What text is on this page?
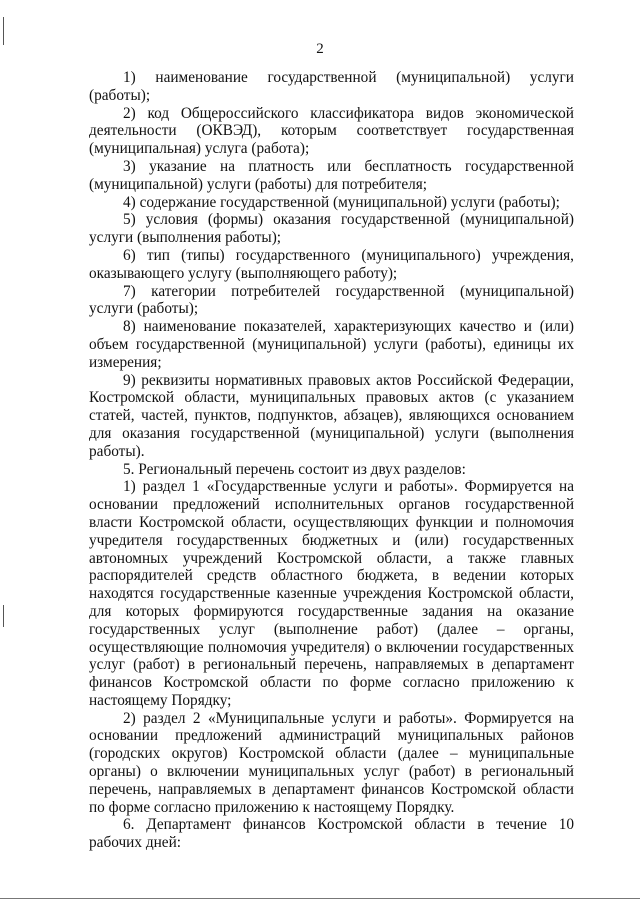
2

1) наименование государственной (муниципальной) услуги (работы);

2) код Общероссийского классификатора видов экономической деятельности (ОКВЭД), которым соответствует государственная (муниципальная) услуга (работа);

3) указание на платность или бесплатность государственной (муниципальной) услуги (работы) для потребителя;

4) содержание государственной (муниципальной) услуги (работы);

5) условия (формы) оказания государственной (муниципальной) услуги (выполнения работы);

6) тип (типы) государственного (муниципального) учреждения, оказывающего услугу (выполняющего работу);

7) категории потребителей государственной (муниципальной) услуги (работы);

8) наименование показателей, характеризующих качество и (или) объем государственной (муниципальной) услуги (работы), единицы их измерения;

9) реквизиты нормативных правовых актов Российской Федерации, Костромской области, муниципальных правовых актов (с указанием статей, частей, пунктов, подпунктов, абзацев), являющихся основанием для оказания государственной (муниципальной) услуги (выполнения работы).

5. Региональный перечень состоит из двух разделов:

1) раздел 1 «Государственные услуги и работы». Формируется на основании предложений исполнительных органов государственной власти Костромской области, осуществляющих функции и полномочия учредителя государственных бюджетных и (или) государственных автономных учреждений Костромской области, а также главных распорядителей средств областного бюджета, в ведении которых находятся государственные казенные учреждения Костромской области, для которых формируются государственные задания на оказание государственных услуг (выполнение работ) (далее – органы, осуществляющие полномочия учредителя) о включении государственных услуг (работ) в региональный перечень, направляемых в департамент финансов Костромской области по форме согласно приложению к настоящему Порядку;

2) раздел 2 «Муниципальные услуги и работы». Формируется на основании предложений администраций муниципальных районов (городских округов) Костромской области (далее – муниципальные органы) о включении муниципальных услуг (работ) в региональный перечень, направляемых в департамент финансов Костромской области по форме согласно приложению к настоящему Порядку.

6. Департамент финансов Костромской области в течение 10 рабочих дней:
